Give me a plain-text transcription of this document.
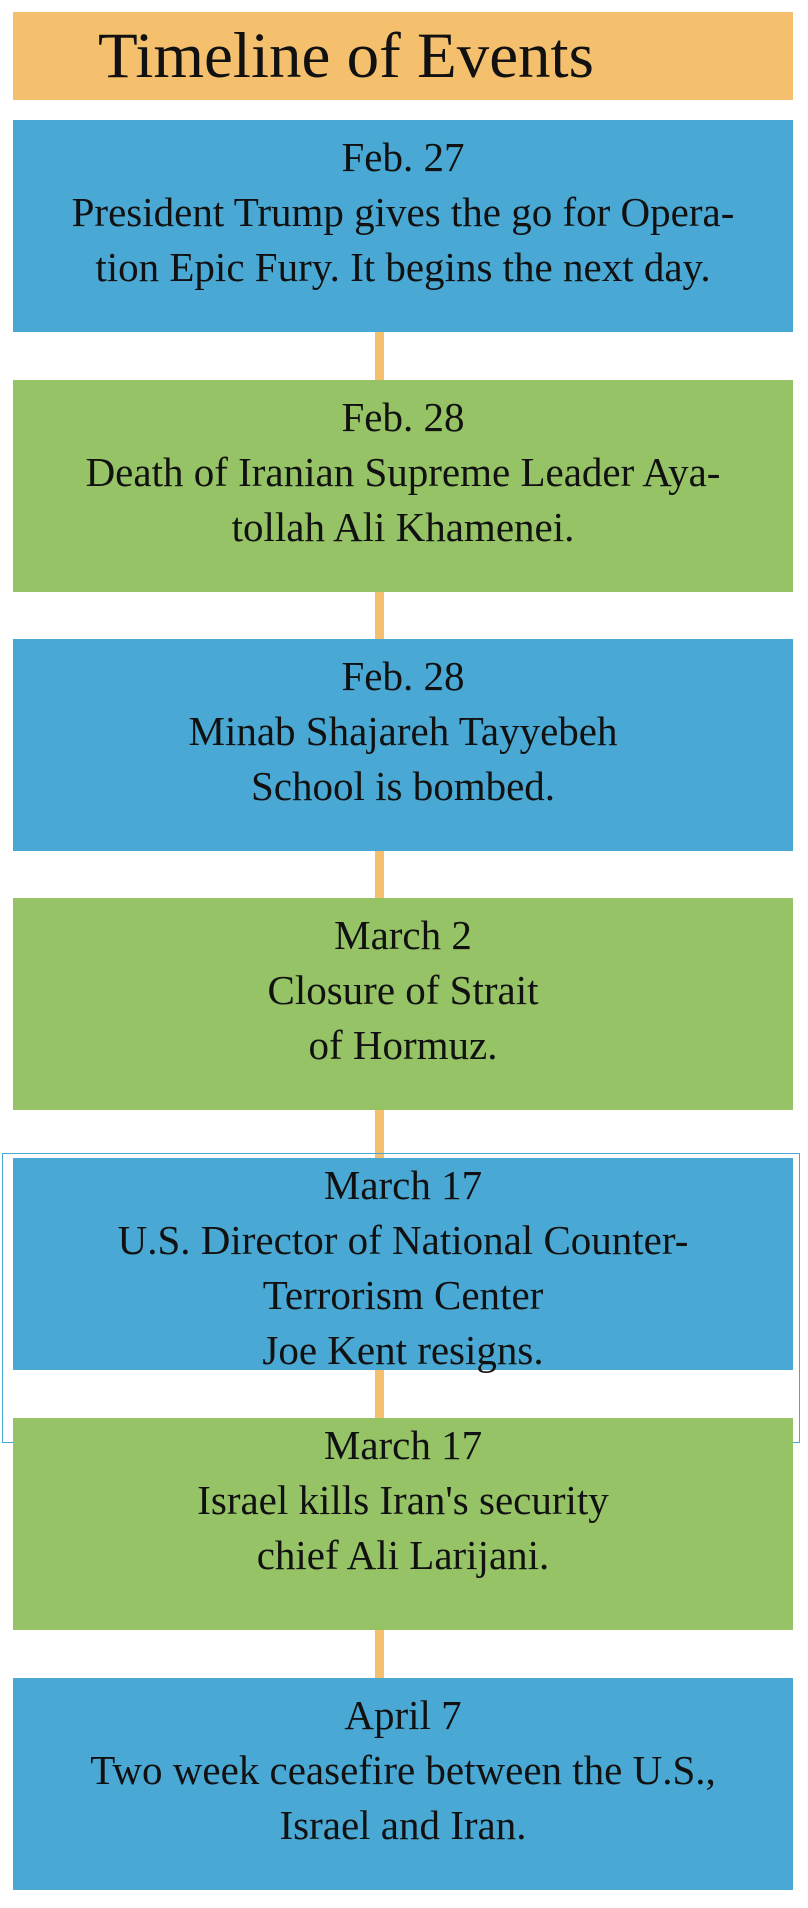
Timeline of Events
Feb. 27
President Trump gives the go for Opera-
tion Epic Fury. It begins the next day.
Feb. 28
Death of Iranian Supreme Leader Aya-
tollah Ali Khamenei.
Feb. 28
Minab Shajareh Tayyebeh
School is bombed.
March 2
Closure of Strait
of Hormuz.
March 17
U.S. Director of National Counter-
Terrorism Center
Joe Kent resigns.
March 17
Israel kills Iran's security
chief Ali Larijani.
April 7
Two week ceasefire between the U.S.,
Israel and Iran.
